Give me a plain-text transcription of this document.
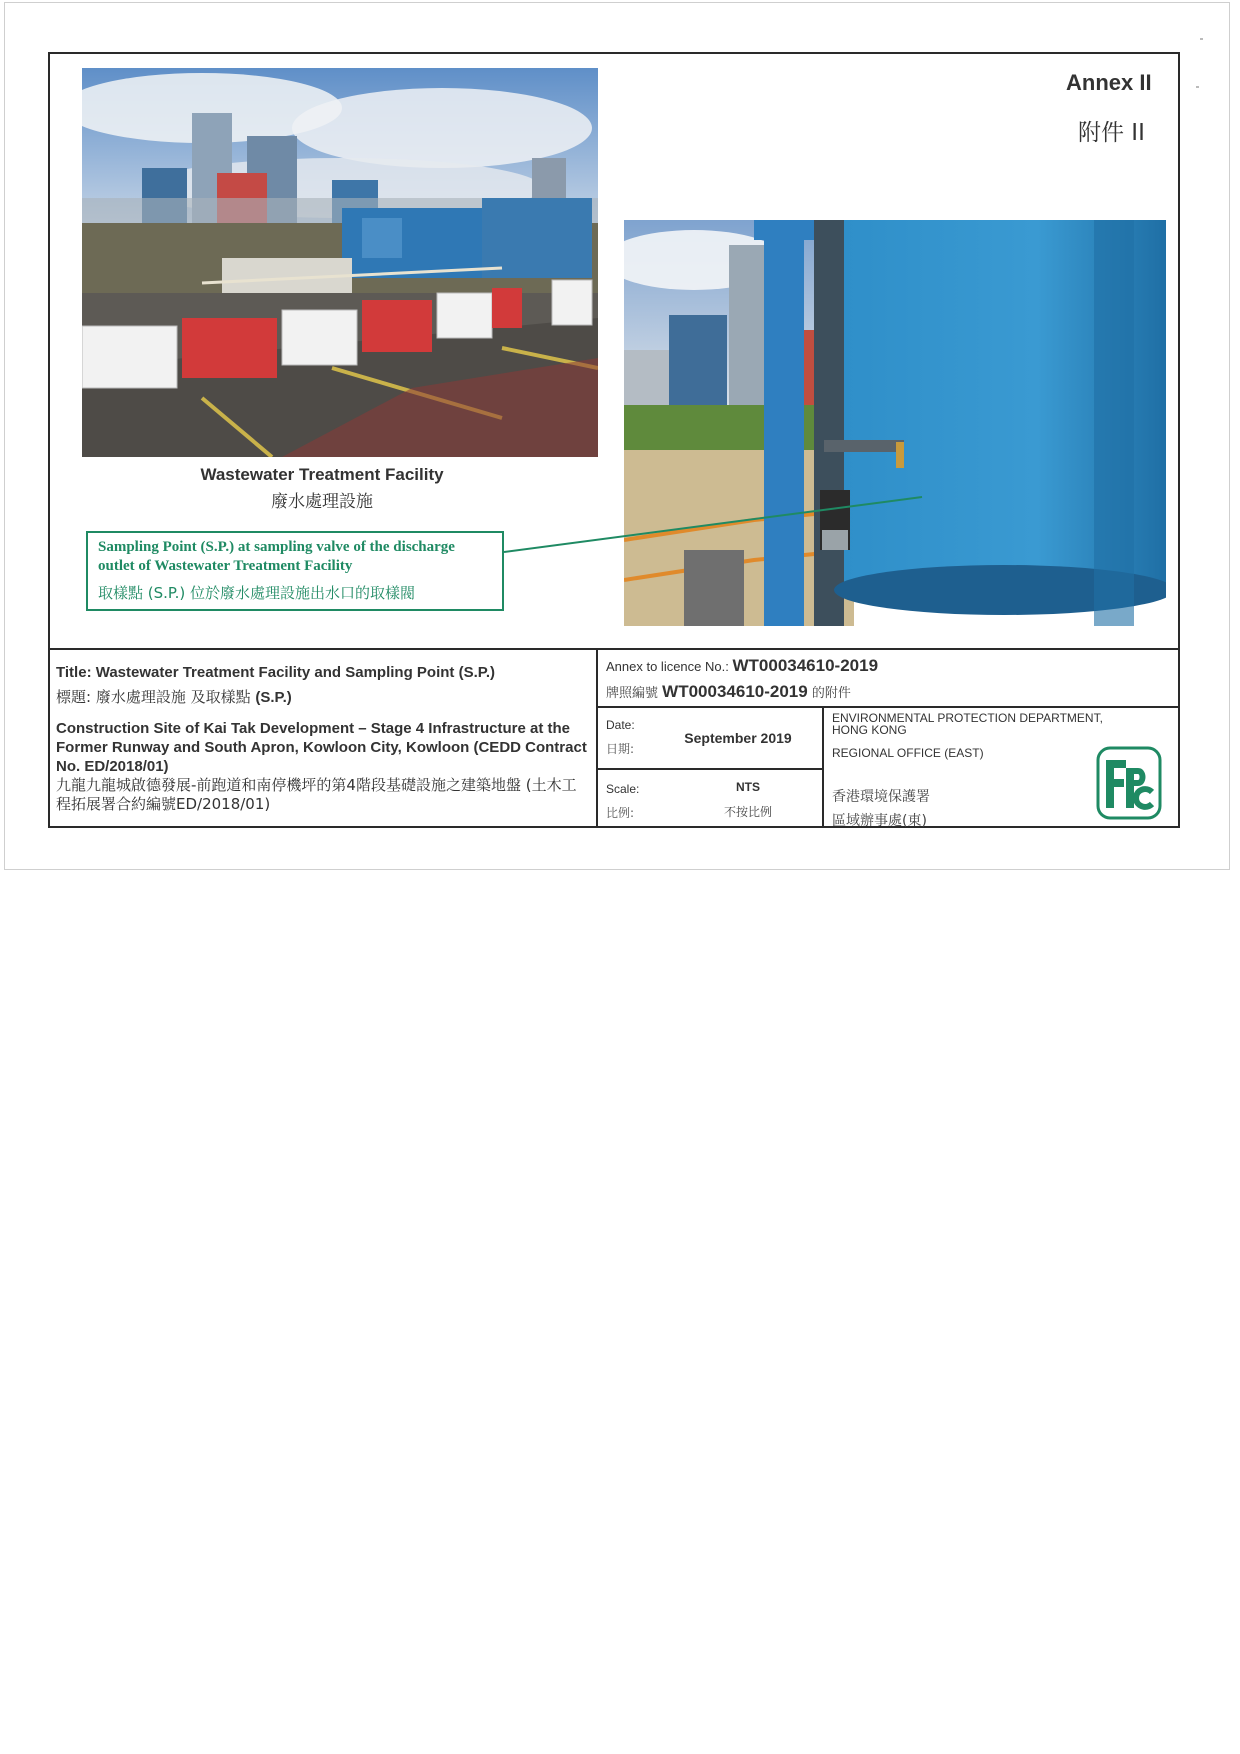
Annex II
附件 II
Wastewater Treatment Facility
廢水處理設施
Sampling Point (S.P.) at sampling valve of the discharge outlet of Wastewater Treatment Facility
取樣點 (S.P.) 位於廢水處理設施出水口的取樣閥
Title: Wastewater Treatment Facility and Sampling Point (S.P.)
標題: 廢水處理設施 及取樣點 (S.P.)
Construction Site of Kai Tak Development – Stage 4 Infrastructure at the Former Runway and South Apron, Kowloon City, Kowloon (CEDD Contract No. ED/2018/01)
九龍九龍城啟德發展-前跑道和南停機坪的第4階段基礎設施之建築地盤 (土木工程拓展署合約編號ED/2018/01)
Annex to licence No.: WT00034610-2019
牌照編號 WT00034610-2019 的附件
Date:
日期:
September 2019
Scale:
比例:
NTS
不按比例
ENVIRONMENTAL PROTECTION DEPARTMENT, HONG KONG
REGIONAL OFFICE (EAST)
香港環境保護署
區域辦事處(東)
